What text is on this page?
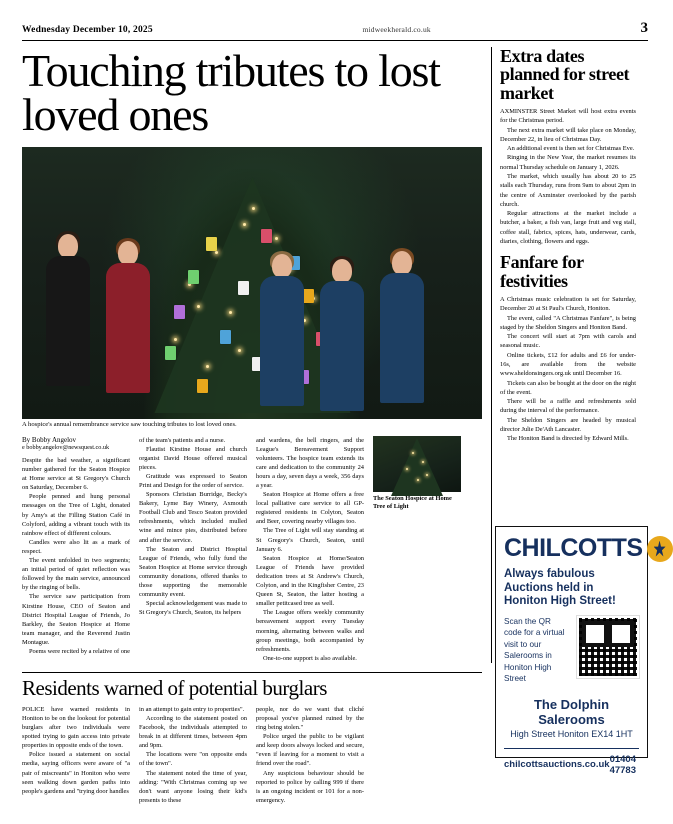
Wednesday December 10, 2025	midweekherald.co.uk	3
Touching tributes to lost loved ones
A hospice's annual remembrance service saw touching tributes to lost loved ones.
By Bobby Angelov
e bobby.angelov@newsquest.co.uk

Despite the bad weather, a significant number gathered for the Seaton Hospice at Home service at St Gregory's Church on Saturday, December 6.

People penned and hung personal messages on the Tree of Light, donated by Amy's at the Filling Station Café in Colyford, adding a vibrant touch with its rainbow effect of different colours.

Candles were also lit as a mark of respect.

The event unfolded in two segments; an initial period of quiet reflection was followed by the main service, announced by the ringing of bells.

The service saw participation from Kirstine House, CEO of Seaton and District Hospital League of Friends, Jo Barkley, the Seaton Hospice at Home team manager, and the Reverend Justin Montague.

Poems were recited by a relative of one

of the team's patients and a nurse.

Flautist Kirstine House and church organist David House offered musical pieces.

Gratitude was expressed to Seaton Print and Design for the order of service.

Sponsors Christian Burridge, Becky's Bakery, Lyme Bay Winery, Axmouth Football Club and Tesco Seaton provided refreshments, which included mulled wine and mince pies, distributed before and after the service.

The Seaton and District Hospital League of Friends, who fully fund the Seaton Hospice at Home service through community donations, offered thanks to those supporting the memorable community event.

Special acknowledgement was made to St Gregory's Church, Seaton, its helpers

and wardens, the bell ringers, and the League's Bereavement Support volunteers. The hospice team extends its care and dedication to the community 24 hours a day, seven days a week, 356 days a year.

Seaton Hospice at Home offers a free local palliative care service to all GP-registered residents in Colyton, Seaton and Beer, covering nearby villages too.

The Tree of Light will stay standing at St Gregory's Church, Seaton, until January 6.

Seaton Hospice at Home/Seaton League of Friends have provided dedication trees at St Andrew's Church, Colyton, and in the Kingfisher Centre, 23 Queen St, Seaton, the latter hosting a smaller petitcased tree as well.

The League offers weekly community bereavement support every Tuesday morning, alternating between walks and group meetings, both accompanied by refreshments.

One-to-one support is also available.

The Seaton Hospice at Home Tree of Light
Extra dates planned for street market

AXMINSTER Street Market will host extra events for the Christmas period.

The next extra market will take place on Monday, December 22, in lieu of Christmas Day.

An additional event is then set for Christmas Eve.

Ringing in the New Year, the market resumes its normal Thursday schedule on January 1, 2026.

The market, which usually has about 20 to 25 stalls each Thursday, runs from 9am to about 2pm in the centre of Axminster overlooked by the parish church.

Regular attractions at the market include a butcher, a baker, a fish van, large fruit and veg stall, coffee stall, fabrics, spices, hats, underwear, cards, diaries, clothing, flowers and eggs.

Fanfare for festivities

A Christmas music celebration is set for Saturday, December 20 at St Paul's Church, Honiton.

The event, called "A Christmas Fanfare", is being staged by the Sheldon Singers and Honiton Band.

The concert will start at 7pm with carols and seasonal music.

Online tickets, £12 for adults and £6 for under-16s, are available from the website www.sheldonsingers.org.uk until December 16.

Tickets can also be bought at the door on the night of the event.

There will be a raffle and refreshments sold during the interval of the performance.

The Sheldon Singers are headed by musical director Julie De'Ath Lancaster.

The Honiton Band is directed by Edward Mills.

CHILCOTTS
Always fabulous Auctions held in Honiton High Street!
Scan the QR code for a virtual visit to our Salerooms in Honiton High Street
The Dolphin Salerooms
High Street Honiton EX14 1HT
chilcottsauctions.co.uk 01404 47783
Residents warned of potential burglars

POLICE have warned residents in Honiton to be on the lookout for potential burglars after two individuals were spotted trying to gain access into private properties in opposite ends of the town.

Police issued a statement on social media, saying officers were aware of "a pair of miscreants" in Honiton who were seen walking down garden paths into people's gardens and "trying door handles

in an attempt to gain entry to properties".

According to the statement posted on Facebook, the individuals attempted to break in at different times, between 4pm and 9pm.

The locations were "on opposite ends of the town".

The statement noted the time of year, adding: "With Christmas coming up we don't want anyone losing their kid's presents to these

people, nor do we want that cliché proposal you've planned ruined by the ring being stolen."

Police urged the public to be vigilant and keep doors always locked and secure, "even if leaving for a moment to visit a friend over the road".

Any suspicious behaviour should be reported to police by calling 999 if there is an ongoing incident or 101 for a non-emergency.
